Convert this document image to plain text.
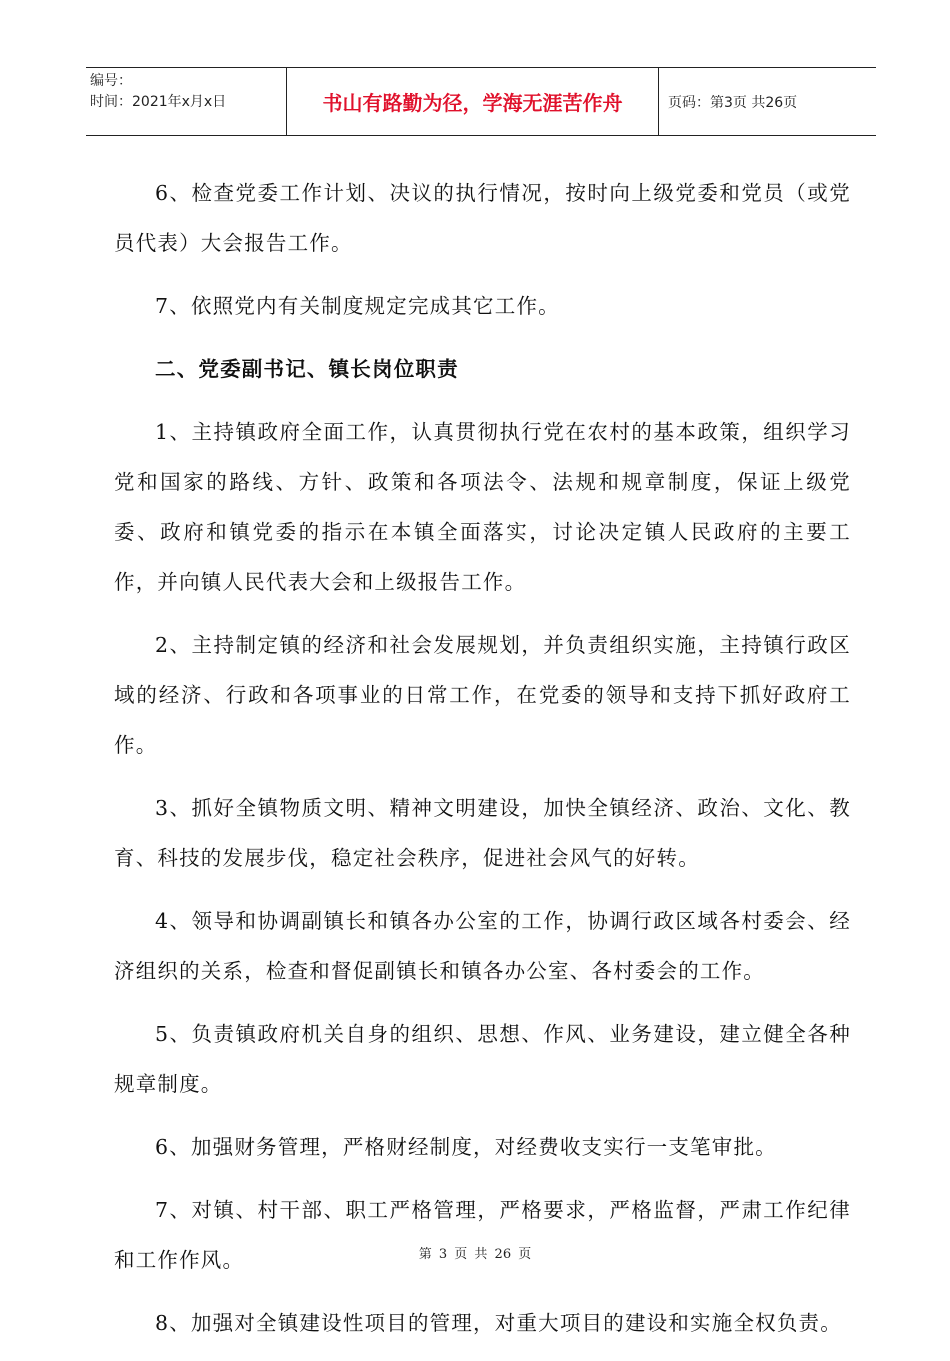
编号：
时间：2021年x月x日	书山有路勤为径，学海无涯苦作舟	页码：第3页 共26页

6、检查党委工作计划、决议的执行情况，按时向上级党委和党员（或党员代表）大会报告工作。

7、依照党内有关制度规定完成其它工作。

二、党委副书记、镇长岗位职责

1、主持镇政府全面工作，认真贯彻执行党在农村的基本政策，组织学习党和国家的路线、方针、政策和各项法令、法规和规章制度，保证上级党委、政府和镇党委的指示在本镇全面落实，讨论决定镇人民政府的主要工作，并向镇人民代表大会和上级报告工作。

2、主持制定镇的经济和社会发展规划，并负责组织实施，主持镇行政区域的经济、行政和各项事业的日常工作，在党委的领导和支持下抓好政府工作。

3、抓好全镇物质文明、精神文明建设，加快全镇经济、政治、文化、教育、科技的发展步伐，稳定社会秩序，促进社会风气的好转。

4、领导和协调副镇长和镇各办公室的工作，协调行政区域各村委会、经济组织的关系，检查和督促副镇长和镇各办公室、各村委会的工作。

5、负责镇政府机关自身的组织、思想、作风、业务建设，建立健全各种规章制度。

6、加强财务管理，严格财经制度，对经费收支实行一支笔审批。

7、对镇、村干部、职工严格管理，严格要求，严格监督，严肃工作纪律和工作作风。

8、加强对全镇建设性项目的管理，对重大项目的建设和实施全权负责。

第 3 页 共 26 页
